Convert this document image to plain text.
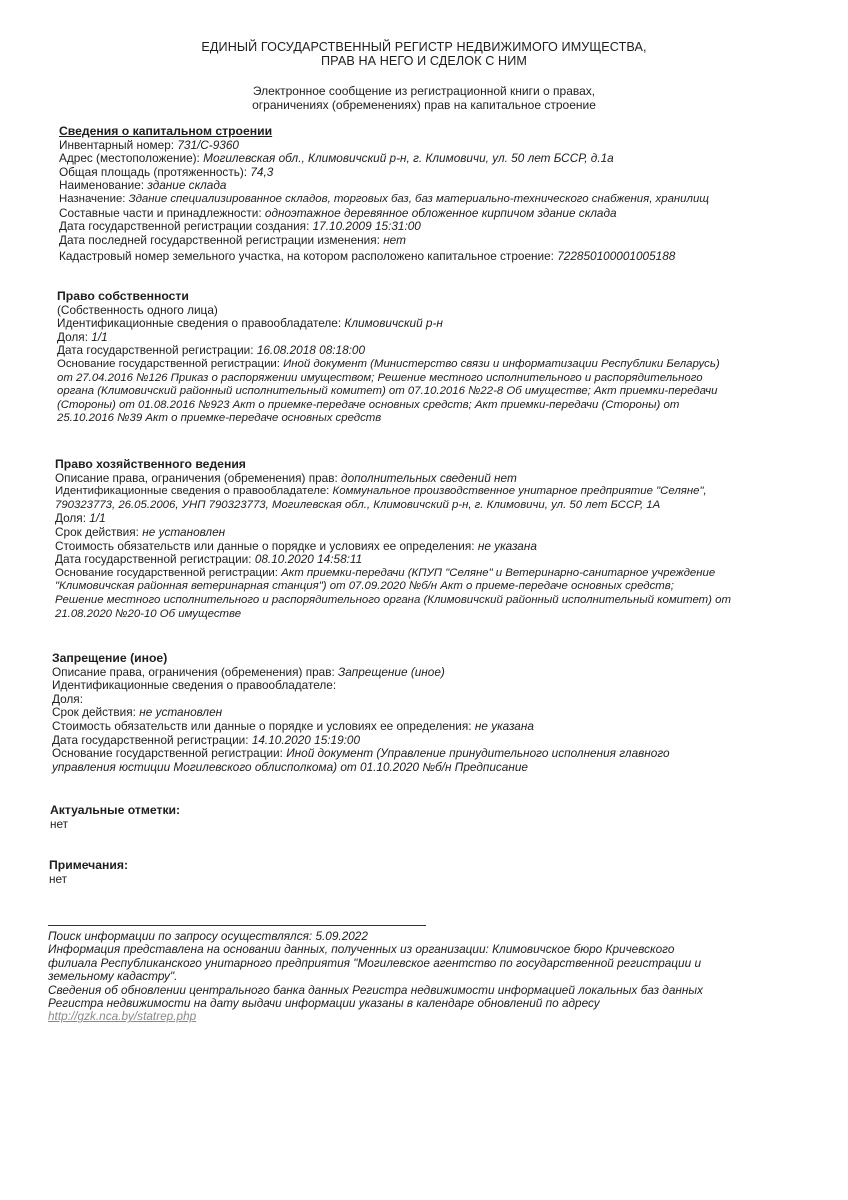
ЕДИНЫЙ ГОСУДАРСТВЕННЫЙ РЕГИСТР НЕДВИЖИМОГО ИМУЩЕСТВА,
ПРАВ НА НЕГО И СДЕЛОК С НИМ
Электронное сообщение из регистрационной книги о правах,
ограничениях (обременениях) прав на капитальное строение
Сведения о капитальном строении
Инвентарный номер: 731/С-9360
Адрес (местоположение): Могилевская обл., Климовичский р-н, г. Климовичи, ул. 50 лет БССР, д.1а
Общая площадь (протяженность): 74,3
Наименование: здание склада
Назначение: Здание специализированное складов, торговых баз, баз материально-технического снабжения, хранилищ
Составные части и принадлежности: одноэтажное деревянное обложенное кирпичом здание склада
Дата государственной регистрации создания: 17.10.2009 15:31:00
Дата последней государственной регистрации изменения: нет
Кадастровый номер земельного участка, на котором расположено капитальное строение: 722850100001005188
Право собственности
(Собственность одного лица)
Идентификационные сведения о правообладателе: Климовичский р-н
Доля: 1/1
Дата государственной регистрации: 16.08.2018 08:18:00
Основание государственной регистрации: Иной документ (Министерство связи и информатизации Республики Беларусь)
от 27.04.2016 №126 Приказ о распоряжении имуществом; Решение местного исполнительного и распорядительного
органа (Климовичский районный исполнительный комитет) от 07.10.2016 №22-8 Об имуществе; Акт приемки-передачи
(Стороны) от 01.08.2016 №923 Акт о приемке-передаче основных средств; Акт приемки-передачи (Стороны) от
25.10.2016 №39 Акт о приемке-передаче основных средств
Право хозяйственного ведения
Описание права, ограничения (обременения) прав: дополнительных сведений нет
Идентификационные сведения о правообладателе: Коммунальное производственное унитарное предприятие "Селяне",
790323773, 26.05.2006, УНП 790323773, Могилевская обл., Климовичский р-н, г. Климовичи, ул. 50 лет БССР, 1А
Доля: 1/1
Срок действия: не установлен
Стоимость обязательств или данные о порядке и условиях ее определения: не указана
Дата государственной регистрации: 08.10.2020 14:58:11
Основание государственной регистрации: Акт приемки-передачи (КПУП "Селяне" и Ветеринарно-санитарное учреждение
"Климовичская районная ветеринарная станция") от 07.09.2020 №б/н Акт о приеме-передаче основных средств;
Решение местного исполнительного и распорядительного органа (Климовичский районный исполнительный комитет) от
21.08.2020 №20-10 Об имуществе
Запрещение (иное)
Описание права, ограничения (обременения) прав: Запрещение (иное)
Идентификационные сведения о правообладателе:
Доля:
Срок действия: не установлен
Стоимость обязательств или данные о порядке и условиях ее определения: не указана
Дата государственной регистрации: 14.10.2020 15:19:00
Основание государственной регистрации: Иной документ (Управление принудительного исполнения главного
управления юстиции Могилевского облисполкома) от 01.10.2020 №б/н Предписание
Актуальные отметки:
нет
Примечания:
нет
Поиск информации по запросу осуществлялся: 5.09.2022
Информация представлена на основании данных, полученных из организации: Климовичское бюро Кричевского
филиала Республиканского унитарного предприятия "Могилевское агентство по государственной регистрации и
земельному кадастру".
Сведения об обновлении центрального банка данных Регистра недвижимости информацией локальных баз данных
Регистра недвижимости на дату выдачи информации указаны в календаре обновлений по адресу
http://gzk.nca.by/statrep.php
